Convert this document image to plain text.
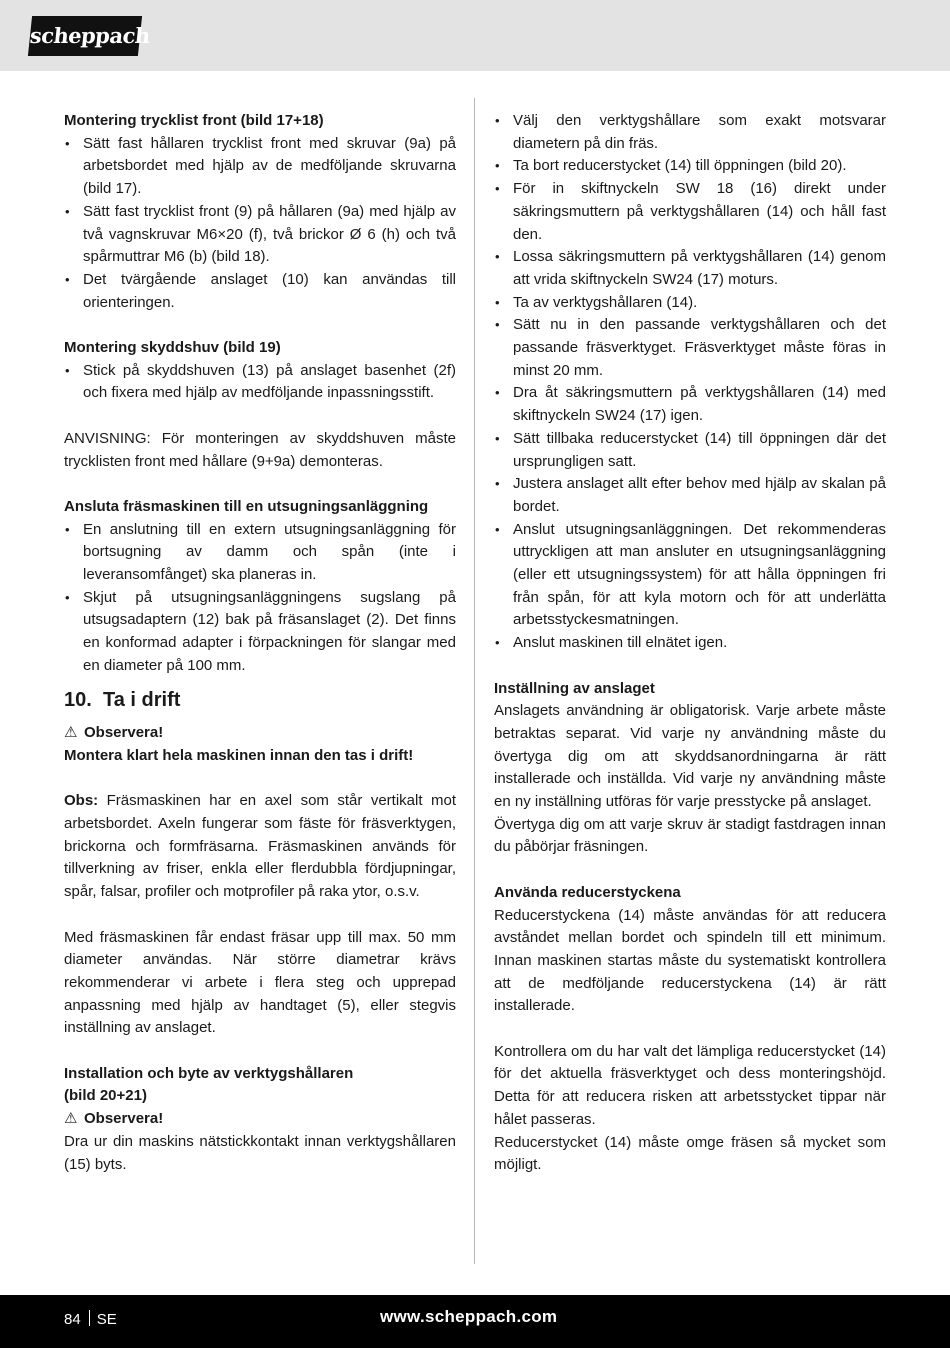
scheppach

Montering trycklist front (bild 17+18)

• Sätt fast hållaren trycklist front med skruvar (9a) på arbetsbordet med hjälp av de medföljande skruvarna (bild 17).
• Sätt fast trycklist front (9) på hållaren (9a) med hjälp av två vagnskruvar M6×20 (f), två brickor Ø 6 (h) och två spårmuttrar M6 (b) (bild 18).
• Det tvärgående anslaget (10) kan användas till orienteringen.

Montering skyddshuv (bild 19)

• Stick på skyddshuven (13) på anslaget basenhet (2f) och fixera med hjälp av medföljande inpassningsstift.

ANVISNING: För monteringen av skyddshuven måste trycklisten front med hållare (9+9a) demonteras.

Ansluta fräsmaskinen till en utsugningsanläggning

• En anslutning till en extern utsugningsanläggning för bortsugning av damm och spån (inte i leveransomfånget) ska planeras in.
• Skjut på utsugningsanläggningens sugslang på utsugsadaptern (12) bak på fräsanslaget (2). Det finns en konformad adapter i förpackningen för slangar med en diameter på 100 mm.
10. Ta i drift

⚠ Observera!

Montera klart hela maskinen innan den tas i drift!

Obs: Fräsmaskinen har en axel som står vertikalt mot arbetsbordet. Axeln fungerar som fäste för fräsverktygen, brickorna och formfräsarna. Fräsmaskinen används för tillverkning av friser, enkla eller flerdubbla fördjupningar, spår, falsar, profiler och motprofiler på raka ytor, o.s.v.

Med fräsmaskinen får endast fräsar upp till max. 50 mm diameter användas. När större diametrar krävs rekommenderar vi arbete i flera steg och upprepad anpassning med hjälp av handtaget (5), eller stegvis inställning av anslaget.

Installation och byte av verktygshållaren

(bild 20+21)

⚠ Observera!

Dra ur din maskins nätstickkontakt innan verktygshållaren (15) byts.

• Välj den verktygshållare som exakt motsvarar diametern på din fräs.
• Ta bort reducerstycket (14) till öppningen (bild 20).
• För in skiftnyckeln SW 18 (16) direkt under säkringsmuttern på verktygshållaren (14) och håll fast den.
• Lossa säkringsmuttern på verktygshållaren (14) genom att vrida skiftnyckeln SW24 (17) moturs.
• Ta av verktygshållaren (14).
• Sätt nu in den passande verktygshållaren och det passande fräsverktyget. Fräsverktyget måste föras in minst 20 mm.
• Dra åt säkringsmuttern på verktygshållaren (14) med skiftnyckeln SW24 (17) igen.
• Sätt tillbaka reducerstycket (14) till öppningen där det ursprungligen satt.
• Justera anslaget allt efter behov med hjälp av skalan på bordet.
• Anslut utsugningsanläggningen. Det rekommenderas uttryckligen att man ansluter en utsugningsanläggning (eller ett utsugningssystem) för att hålla öppningen fri från spån, för att kyla motorn och för att underlätta arbetsstyckesmatningen.
• Anslut maskinen till elnätet igen.

Inställning av anslaget

Anslagets användning är obligatorisk. Varje arbete måste betraktas separat. Vid varje ny användning måste du övertyga dig om att skyddsanordningarna är rätt installerade och inställda. Vid varje ny användning måste en ny inställning utföras för varje presstycke på anslaget.

Övertyga dig om att varje skruv är stadigt fastdragen innan du påbörjar fräsningen.

Använda reducerstyckena

Reducerstyckena (14) måste användas för att reducera avståndet mellan bordet och spindeln till ett minimum. Innan maskinen startas måste du systematiskt kontrollera att de medföljande reducerstyckena (14) är rätt installerade.

Kontrollera om du har valt det lämpliga reducerstycket (14) för det aktuella fräsverktyget och dess monteringshöjd. Detta för att reducera risken att arbetsstycket tippar när hålet passeras.

Reducerstycket (14) måste omge fräsen så mycket som möjligt.

84 SE	www.scheppach.com
